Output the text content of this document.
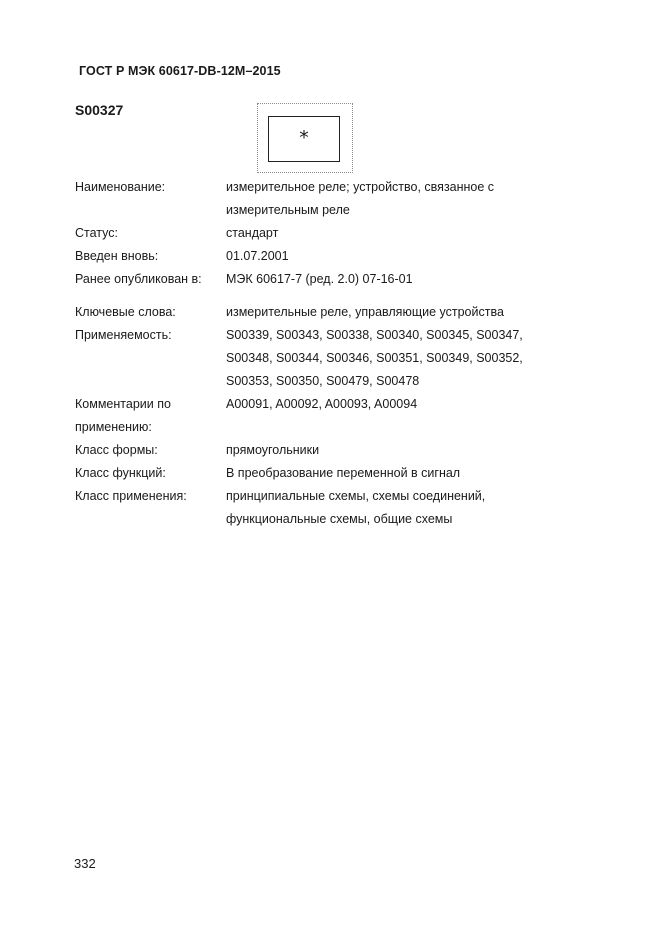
ГОСТ Р МЭК 60617-DB-12M–2015
S00327
*
Наименование:	измерительное реле; устройство, связанное с
измерительным реле
Статус:	стандарт
Введен вновь:	01.07.2001
Ранее опубликован в:	МЭК 60617-7 (ред. 2.0) 07-16-01
Ключевые слова:	измерительные реле, управляющие устройства
Применяемость:	S00339, S00343, S00338, S00340, S00345, S00347,
S00348, S00344, S00346, S00351, S00349, S00352,
S00353, S00350, S00479, S00478
Комментарии по	A00091, A00092, A00093, A00094
применению:
Класс формы:	прямоугольники
Класс функций:	B преобразование переменной в сигнал
Класс применения:	принципиальные схемы, схемы соединений,
функциональные схемы, общие схемы
332
